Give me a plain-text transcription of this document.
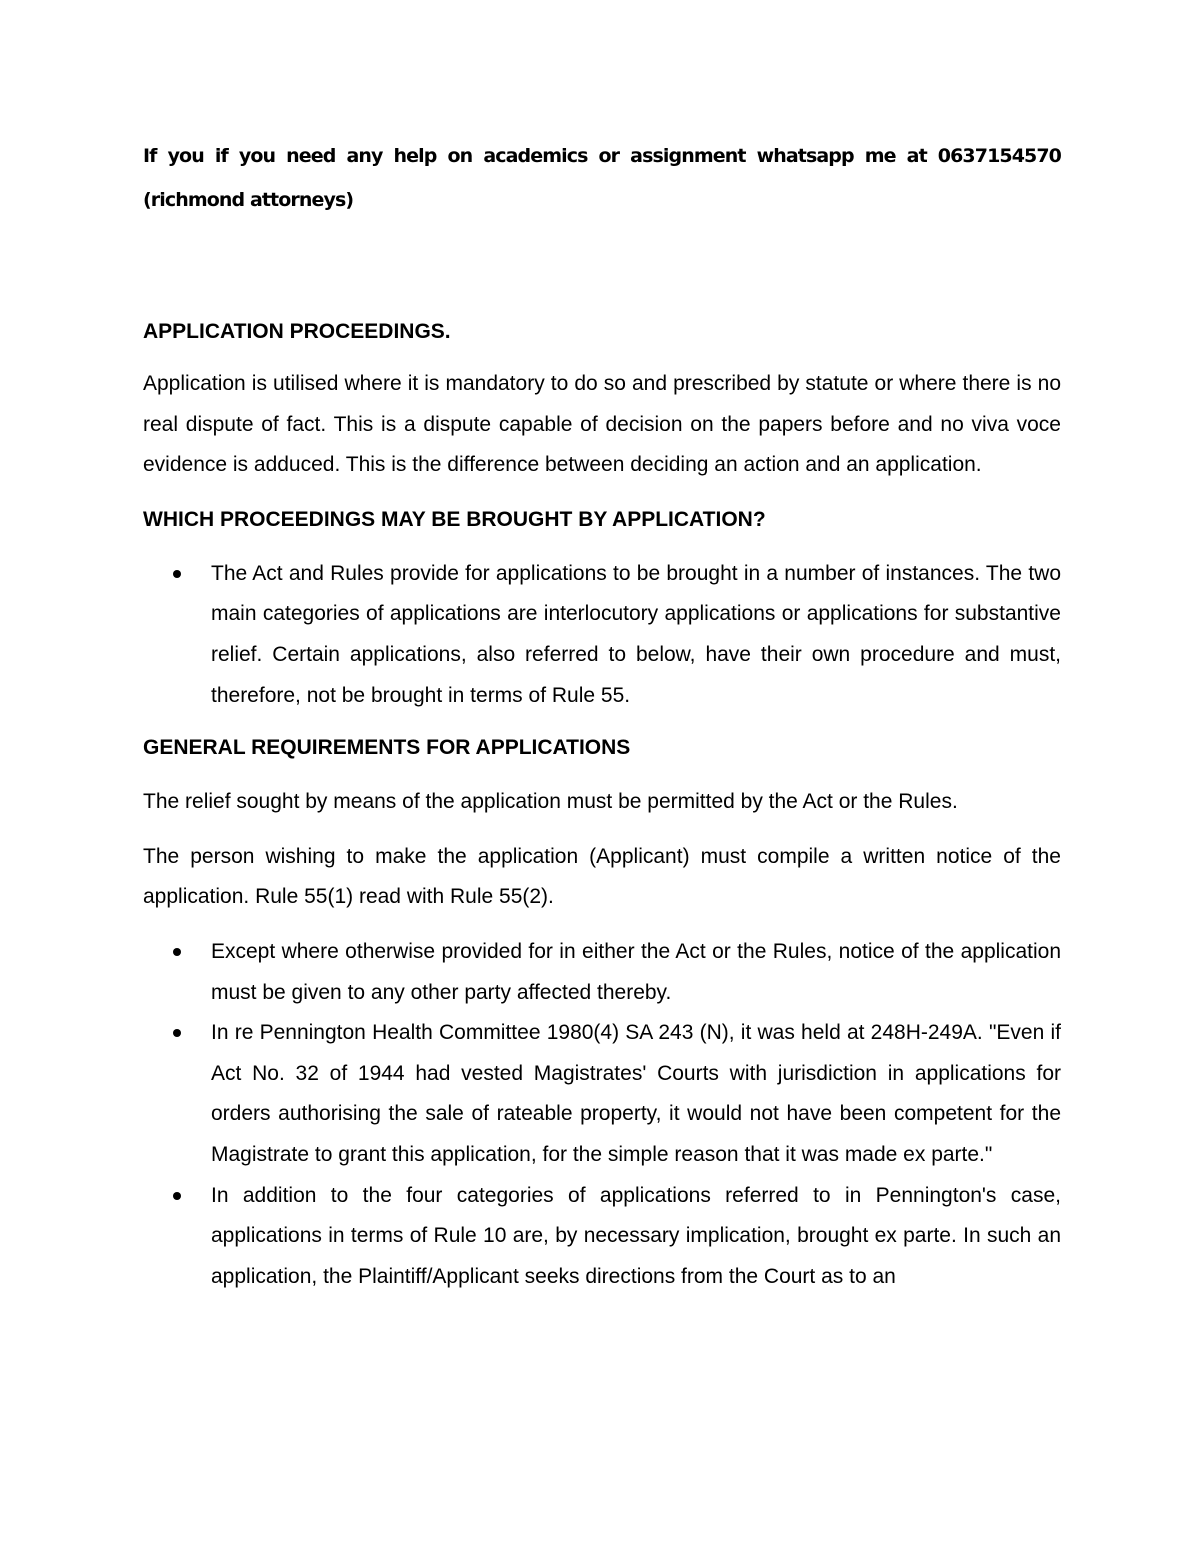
If you if you need any help on academics or assignment whatsapp me at 0637154570 (richmond attorneys)

APPLICATION PROCEEDINGS.

Application is utilised where it is mandatory to do so and prescribed by statute or where there is no real dispute of fact. This is a dispute capable of decision on the papers before and no viva voce evidence is adduced. This is the difference between deciding an action and an application.

WHICH PROCEEDINGS MAY BE BROUGHT BY APPLICATION?
The Act and Rules provide for applications to be brought in a number of instances. The two main categories of applications are interlocutory applications or applications for substantive relief. Certain applications, also referred to below, have their own procedure and must, therefore, not be brought in terms of Rule 55.
GENERAL REQUIREMENTS FOR APPLICATIONS

The relief sought by means of the application must be permitted by the Act or the Rules.

The person wishing to make the application (Applicant) must compile a written notice of the application. Rule 55(1) read with Rule 55(2).

Except where otherwise provided for in either the Act or the Rules, notice of the application must be given to any other party affected thereby.
In re Pennington Health Committee 1980(4) SA 243 (N), it was held at 248H-249A. "Even if Act No. 32 of 1944 had vested Magistrates' Courts with jurisdiction in applications for orders authorising the sale of rateable property, it would not have been competent for the Magistrate to grant this application, for the simple reason that it was made ex parte."
In addition to the four categories of applications referred to in Pennington's case, applications in terms of Rule 10 are, by necessary implication, brought ex parte. In such an application, the Plaintiff/Applicant seeks directions from the Court as to an
